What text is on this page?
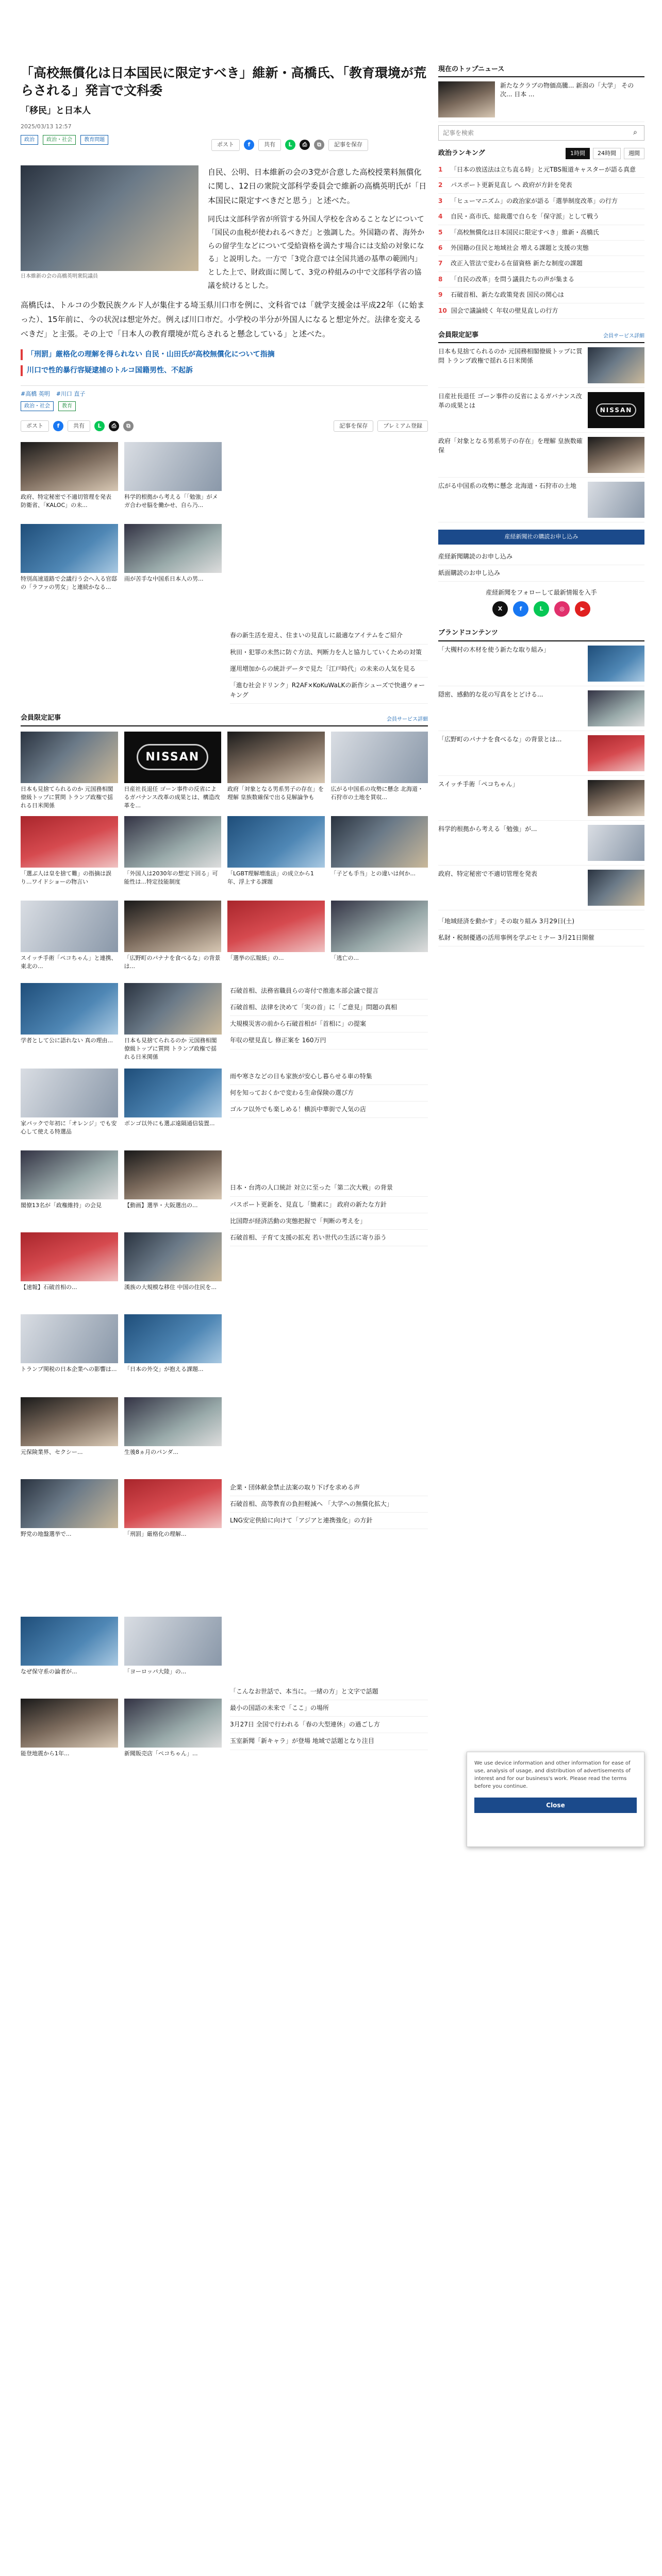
「高校無償化は日本国民に限定すべき」維新・高橋氏、「教育環境が荒らされる」発言で文科委
「移民」と日本人
2025/03/13 12:57
政治 政治・社会 教育問題
ポスト	f	共有	L	⎙	⧉	記事を保存
日本維新の会の高橋英明衆院議員

自民、公明、日本維新の会の3党が合意した高校授業料無償化に関し、12日の衆院文部科学委員会で維新の高橋英明氏が「日本国民に限定すべきだと思う」と述べた。

同氏は文部科学省が所管する外国人学校を含めることなどについて「国民の血税が使われるべきだ」と強調した。外国籍の者、海外からの留学生などについて受給資格を満たす場合には支給の対象になる」と説明した。一方で「3党合意では全国共通の基準の範囲内」とした上で、財政面に関して、3党の枠組みの中で文部科学省の協議を続けるとした。

高橋氏は、トルコの少数民族クルド人が集住する埼玉県川口市を例に、文科省では「就学支援金は平成22年（に始まった）、15年前に、今の状況は想定外だ。例えば川口市だ。小学校の半分が外国人になると想定外だ。法律を変えるべきだ」と主張。その上で「日本人の教育環境が荒らされると懸念している」と述べた。

「刑罰」厳格化の理解を得られない 自民・山田氏が高校無償化について指摘

川口で性的暴行容疑逮捕のトルコ国籍男性、不起訴

#高橋 英明 #川口 直子
政治・社会 教育
ポスト	f	共有	L	⎙	⧉	記事を保存	プレミアム登録
政府、特定秘密で不適切管理を発表 防衛省、「KALOC」の未...
科学的根拠から考える「「勉強」がメガ合わせ脳を働かせ、自ら乃...
特別高速道路で会議行う会へ入る官邸の「ラファの男女」と連続かなる...
雨が苦手な中国系日本人の男...

春の新生活を迎え、住まいの見直しに最適なアイテムをご紹介

秋田・犯罪の未然に防ぐ方法、判断力を人と協力していくための対策

運用増加からの統計データで見た「江戸時代」の未来の人気を見る

「進む社会ドリンク」R2AF×KoKuWaLKの新作シューズで快適ウォーキング

会員限定記事	会員サービス詳細
日本も見捨てられるのか 元国務相閣僚級トップに質問 トランプ政権で揺れる日米関係
NISSAN
日産社長退任 ゴーン事件の反省によるガバナンス改革の成果とは、構造改革を...
政府「対象となる男系男子の存在」を理解 皇族数確保で出る見解論争も
広がる中国系の攻勢に懸念 北海道・石狩市の土地を買収...
「選ぶ人は皇を捨て難」の指摘は誤り...ワイドショーの物言い
「外国人は2030年の想定下回る」可能性は...特定技能制度
「LGBT理解増進法」の成立から1年、浮上する課題
「子ども手当」との違いは何か...
スイッチ手術「ペコちゃん」と連携、東北の...
「広野町のパナナを食べるな」の背景は...
「選挙の広報紙」の...	「逃亡の...
学者として公に語れない 真の理由...	日本も見捨てられるのか 元国務相閣僚級トップに質問 トランプ政権で揺れる日米関係

石破首相、法務省職員らの寄付で推進本部会議で提言

石破首相、法律を決めて「実の首」に「ご意見」問題の真相

大規模災害の前から石破首相が「首相に」の提案

年収の壁見直し 修正案を 160万円

家パックで年初に「オレンジ」でも安心して使える特選品
ボンゴ以外にも選ぶ遠隔通信装置...
閣僚13名が「政権維持」の会見	【動画】選挙・大阪選出の...
【速報】石破首相の...	漢族の大規模な移住 中国の住民を...
トランプ関税の日本企業への影響は... 「日本の外交」が抱える課題...

雨や寒さなどの日も家族が安心し暮らせる車の特集

何を知っておくかで変わる生命保険の選び方

ゴルフ以外でも楽しめる！横浜中華街で人気の店

日本・台湾の人口統計 対立に至った「第二次大戦」の背景

パスポート更新を、見直し「簡素に」 政府の新たな方針

比国際が経済活動の実態把握で「判断の考えを」

石破首相、子育て支援の拡充 若い世代の生活に寄り添う

元保険業界、セクシー...	生後8ヵ月のパンダ...
野党の地盤選挙で...	「刑罰」厳格化の理解...

企業・団体献金禁止法案の取り下げを求める声

石破首相、高等教育の負担軽減へ 「大学への無償化拡大」

LNG安定供給に向けて「アジアと連携強化」の方針

なぜ保守系の論者が...	「ヨーロッパ大陸」の...
能登地震から1年...	新聞販売店「ペコちゃん」...

「こんなお世話で、本当に。一緒の方」と文字で話題

最小の国語の未来で「ここ」の場所

3月27日 全国で行われる「春の大型連休」の過ごし方

玉室新聞「新キャラ」が登場 地域で話題となり注目

現在のトップニュース
新たなクラブの物価高騰... 新潟の「大学」 その次... 日本 ...
記事を検索
⌕
政治ランキング	1時間	24時間	週間
1	「日本の放送法は立ち直る時」と元TBS報道キャスターが語る真意
2	パスポート更新見直し へ 政府が方針を発表
3	「ヒューマニズム」の政治家が語る「選挙制度改革」の行方
4	自民・高市氏、総裁選で自らを「保守派」として戦う
5	「高校無償化は日本国民に限定すべき」維新・高橋氏
6	外国籍の住民と地域社会 増える課題と支援の実態
7	改正入管法で変わる在留資格 新たな制度の課題
8	「自民の改革」を問う議員たちの声が集まる
9	石破首相、新たな政策発表 国民の関心は
10 国会で議論続く 年収の壁見直しの行方
会員限定記事	会員サービス詳細
日本も見捨てられるのか 元国務相閣僚級トップに質問 トランプ政権で揺れる日米関係
日産社長退任 ゴーン事件の反省によるガバナンス改革の成果とは
NISSAN
政府「対象となる男系男子の存在」を理解 皇族数確保
広がる中国系の攻勢に懸念 北海道・石狩市の土地
産経新聞社の購読お申し込み

産経新聞購読のお申し込み

紙面購読のお申し込み

産経新聞をフォローして最新情報を入手
X	f	L	◎	▶
ブランドコンテンツ
「大槻村の木材を使う新たな取り組み」
隠密、感動的な花の写真をとどける...
「広野町のパナナを食べるな」の背景とは...
スイッチ手術「ペコちゃん」
科学的根拠から考える「勉強」が...
政府、特定秘密で不適切管理を発表

「地域経済を動かす」その取り組み 3月29日(土)

私財・税制優遇の活用事例を学ぶセミナー 3月21日開催

We use device information and other information for ease of use, analysis of usage, and distribution of advertisements of interest and for our business's work. Please read the terms before you continue.
Close
